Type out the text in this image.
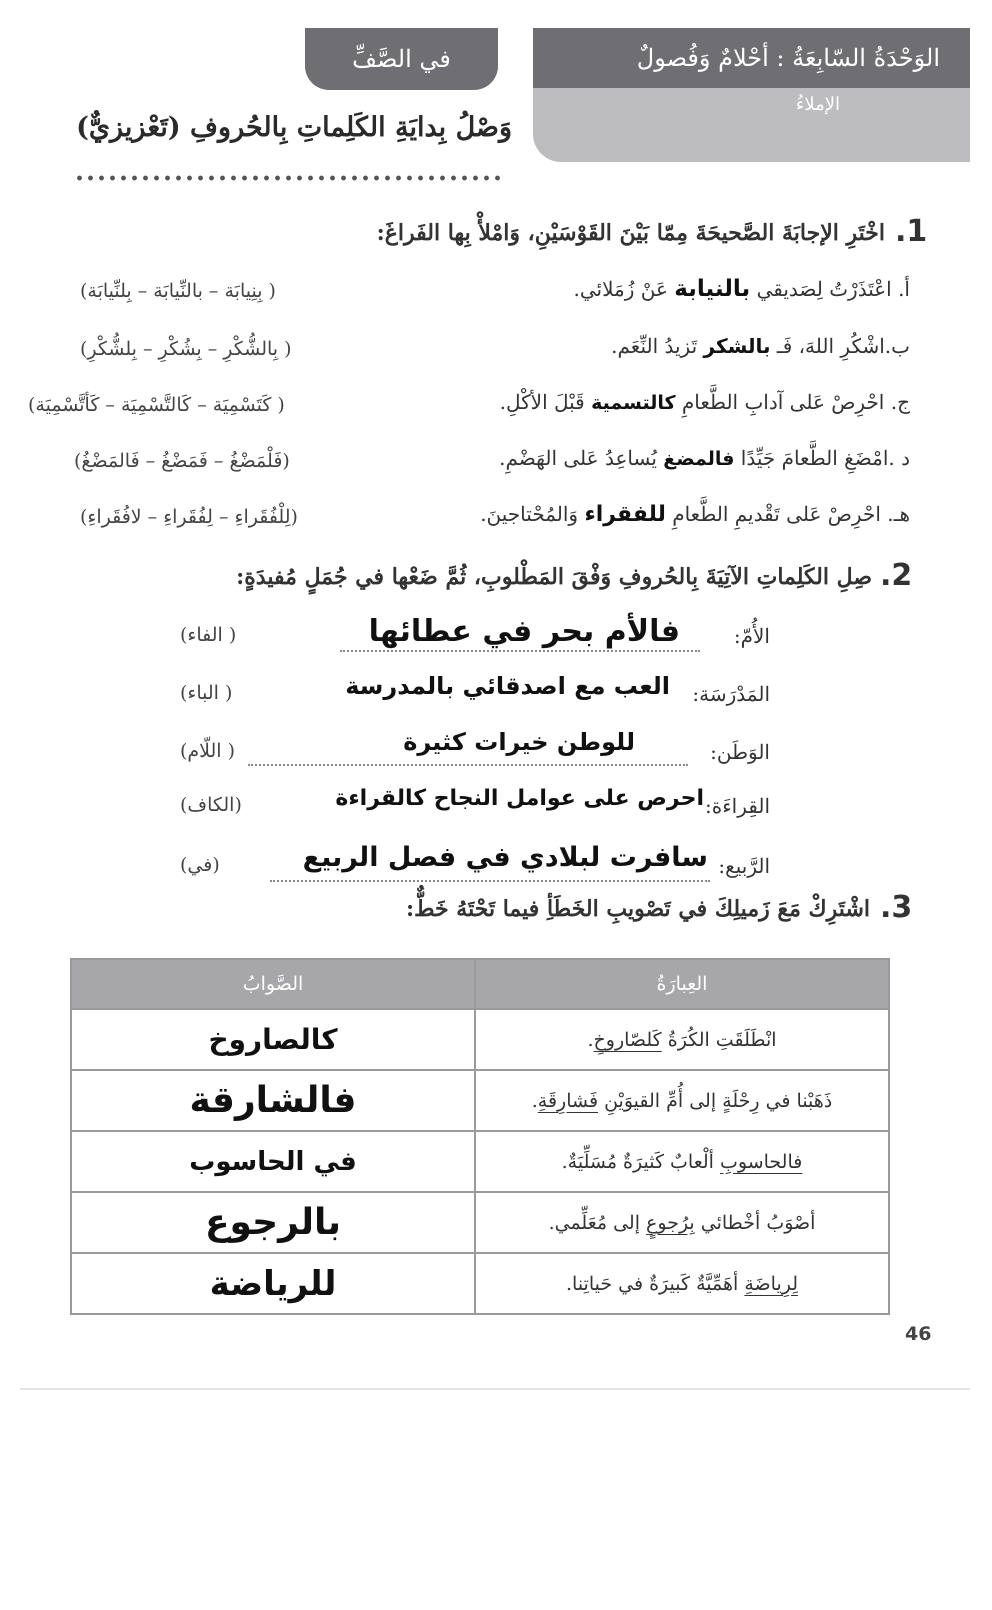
الوَحْدَةُ السّابِعَةُ : أحْلامٌ وَفُصولٌ
الإملاءُ
في الصَّفِّ
وَصْلُ بِدايَةِ الكَلِماتِ بِالحُروفِ (تَعْزيزيٌّ)
.1
اخْتَرِ الإجابَةَ الصَّحيحَةَ مِمّا بَيْنَ القَوْسَيْنِ، وَامْلأْ بِها الفَراغَ:
أ. اعْتَذَرْتُ لِصَديقي بالنيابة عَنْ زُمَلائي.
( بِنِيابَة – بالنِّيابَة – بِلنِّيابَة)
ب.اشْكُرِ اللهَ، فَـ بالشكر تَزيدُ النِّعَم.
( بِالشُّكْرِ – بِشُكْرِ – بِلشُّكْرِ)
ج. احْرِصْ عَلى آدابِ الطَّعامِ كالتسمية قَبْلَ الأكْلِ.
( كَتَسْمِيَة – كَالتَّسْمِيَة – كَأتَّسْمِيَة)
د .امْضَغِ الطَّعامَ جَيِّدًا فالمضغ يُساعِدُ عَلى الهَضْمِ.
(فَلْمَضْغُ – فَمَضْغُ – فَالمَضْغُ)
هـ. احْرِصْ عَلى تَقْديمِ الطَّعامِ للفقراء وَالمُحْتاجينَ.
(لِلْفُقَراءِ – لِفُقَراءِ – لافُقَراءِ)
.2
صِلِ الكَلِماتِ الآتِيَةَ بِالحُروفِ وَفْقَ المَطْلوبِ، ثُمَّ ضَعْها في جُمَلٍ مُفيدَةٍ:
الأُمّ:
فالأم بحر في عطائها
( الفاء)
المَدْرَسَة:
العب مع اصدقائي بالمدرسة
( الباء)
الوَطَن:
للوطن خيرات كثيرة
( اللّام)
القِراءَة:
احرص على عوامل النجاح كالقراءة
(الكاف)
الرَّبيع:
سافرت لبلادي في فصل الربيع
(في)
.3
اشْتَرِكْ مَعَ زَميلِكَ في تَصْويبِ الخَطَأِ فيما تَحْتَهُ خَطٌّ:
العِبارَةُ	الصَّوابُ
انْطَلَقَتِ الكُرَةُ كَلصّاروخِ.	كالصاروخ
ذَهَبْنا في رِحْلَةٍ إلى أُمِّ القيوَيْنِ فَشارِقَةِ.	فالشارقة
فالحاسوبِ ألْعابٌ كَثيرَةٌ مُسَلِّيَةٌ.	في الحاسوب
أصْوَبُ أخْطائي بِرُجوعٍ إلى مُعَلِّمي.	بالرجوع
لِرِياضَةِ أهَمِّيَّةٌ كَبيرَةٌ في حَياتِنا.	للرياضة
46
